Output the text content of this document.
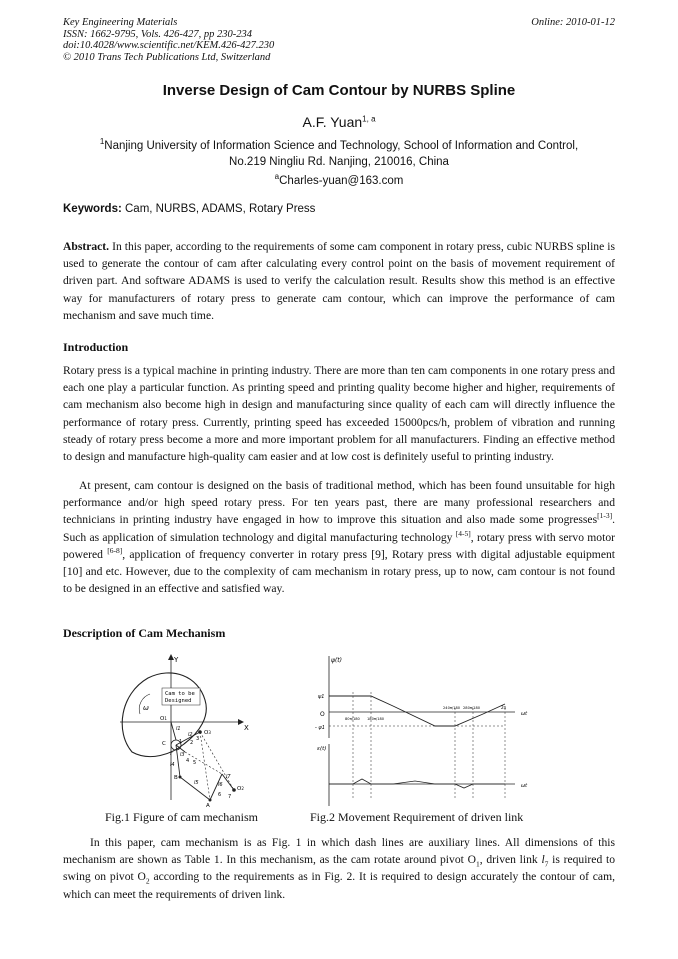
Key Engineering Materials
ISSN: 1662-9795, Vols. 426-427, pp 230-234
doi:10.4028/www.scientific.net/KEM.426-427.230
© 2010 Trans Tech Publications Ltd, Switzerland
Online: 2010-01-12
Inverse Design of Cam Contour by NURBS Spline
A.F. Yuan$^{1, a}$
$^1$Nanjing University of Information Science and Technology, School of Information and Control,
No.219 Ningliu Rd. Nanjing, 210016, China
$^a$Charles-yuan@163.com
Keywords: Cam, NURBS, ADAMS, Rotary Press

Abstract. In this paper, according to the requirements of some cam component in rotary press, cubic NURBS spline is used to generate the contour of cam after calculating every control point on the basis of movement requirement of driven part. And software ADAMS is used to verify the calculation result. Results show this method is an effective way for manufacturers of rotary press to generate cam contour, which can improve the performance of cam mechanism and save much time.

Introduction

Rotary press is a typical machine in printing industry. There are more than ten cam components in one rotary press and each one play a particular function. As printing speed and printing quality become higher and higher, requirements of cam mechanism also become high in design and manufacturing since quality of each cam will directly influence the performance of rotary press. Currently, printing speed has exceeded 15000pcs/h, problem of vibration and running steady of rotary press become a more and more important problem for all manufacturers. Finding an effective method to design and manufacture high-quality cam easier and at low cost is definitely useful to printing industry.

At present, cam contour is designed on the basis of traditional method, which has been found unsuitable for high performance and/or high speed rotary press. For ten years past, there are many professional researchers and technicians in printing industry have engaged in how to improve this situation and also made some progresses[1-3]. Such as application of simulation technology and digital manufacturing technology [4-5], rotary press with servo motor powered [6-8], application of frequency converter in rotary press [9], Rotary press with digital adjustable equipment [10] and etc. However, due to the complexity of cam mechanism in rotary press, up to now, cam contour is not found to be designed in an effective and satisfied way.

Description of Cam Mechanism
Y
X
Cam to be
Designed
ω
O1
O3
O2
A
B
C
r
l1
l2
l3
l4
l5	l6
l7
1 2
3
4 5
6 7
ψ(t)
O
ψ1
- ψ1
80π/180 180π/180
240π/180 280π/180	2π
ωt
ε(t)
ωt
Fig.1 Figure of cam mechanism	Fig.2 Movement Requirement of driven link

In this paper, cam mechanism is as Fig. 1 in which dash lines are auxiliary lines. All dimensions of this mechanism are shown as Table 1. In this mechanism, as the cam rotate around pivot $O_1$, driven link $l_7$ is required to swing on pivot $O_2$ according to the requirements as in Fig. 2. It is required to design accurately the contour of cam, which can meet the requirements of driven link.
